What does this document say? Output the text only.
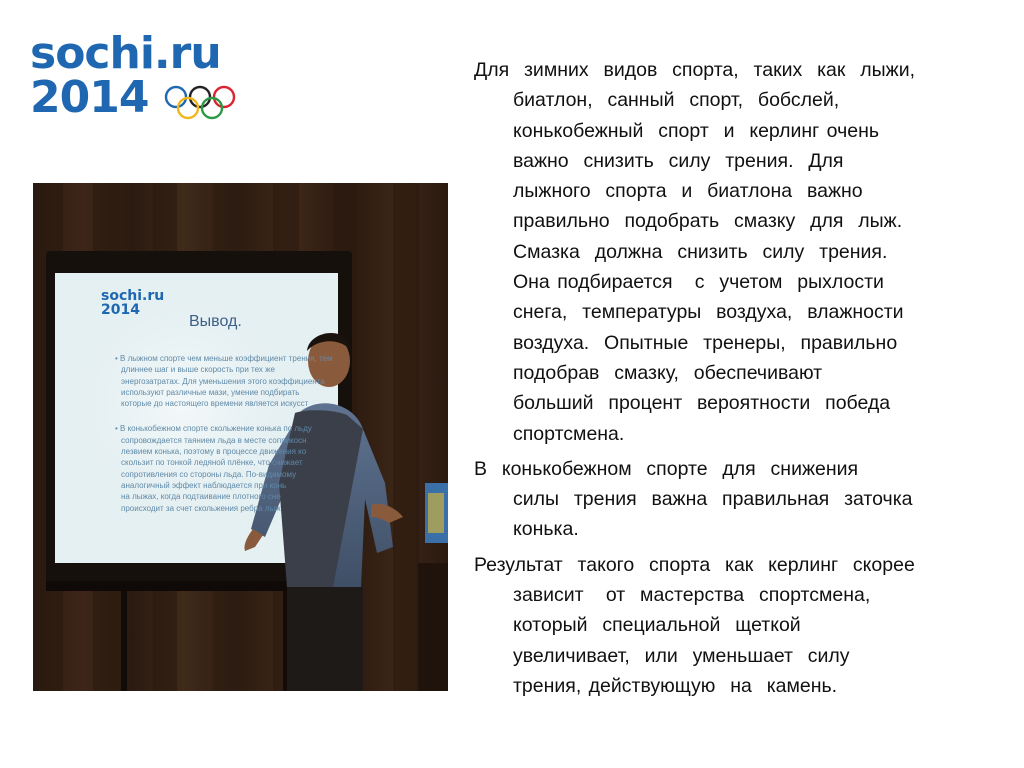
sochi.ru
2014
sochi.ru
2014
Вывод.
• В лыжном спорте чем меньше коэффициент трения, тем
длиннее шаг и выше скорость при тех же
энергозатратах. Для уменьшения этого коэффициента
используют различные мази, умение подбирать
которые до настоящего времени является искусст
• В конькобежном спорте скольжение конька по льду
сопровождается таянием льда в месте соприкосн
лезвием конька, поэтому в процессе движения ко
скользит по тонкой ледяной плёнке, что снижает
сопротивления со стороны льда. По-видимому
аналогичный эффект наблюдается при конь
на лыжах, когда подтаивание плотного сне
происходит за счет скольжения ребра лыж
Для  зимних  видов  спорта,  таких  как  лыжи,
биатлон,  санный  спорт,  бобслей,
конькобежный  спорт  и  керлинг очень
важно  снизить  силу  трения.  Для
лыжного  спорта  и  биатлона  важно
правильно  подобрать  смазку  для  лыж.
Смазка  должна  снизить  силу  трения.
Она подбирается   с  учетом  рыхлости
снега,  температуры  воздуха,  влажности
воздуха.  Опытные  тренеры,  правильно
подобрав  смазку,  обеспечивают
больший  процент  вероятности  победа
спортсмена.
В  конькобежном  спорте  для  снижения
силы  трения  важна  правильная  заточка
конька.
Результат  такого  спорта  как  керлинг  скорее
зависит   от  мастерства  спортсмена,
который  специальной  щеткой
увеличивает,  или  уменьшает  силу
трения, действующую  на  камень.
